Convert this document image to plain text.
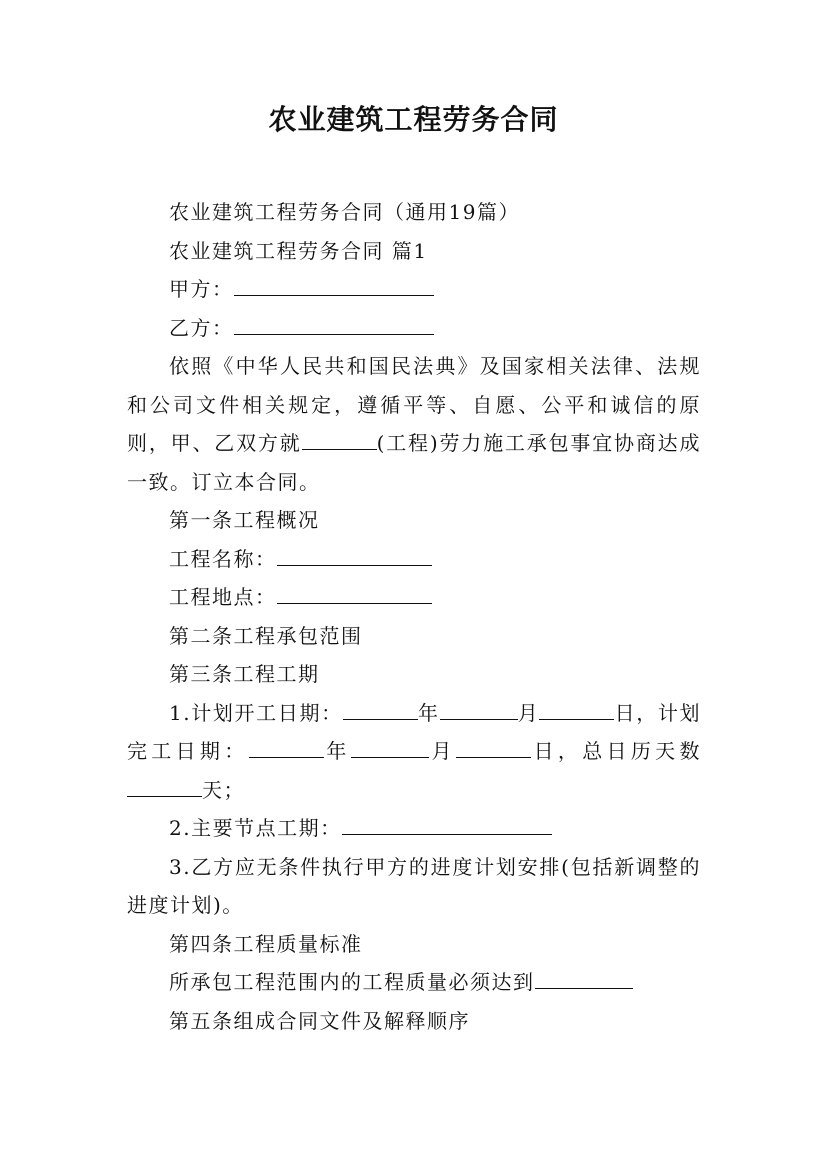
农业建筑工程劳务合同
农业建筑工程劳务合同（通用19篇）
农业建筑工程劳务合同 篇1
甲方：
乙方：
依照《中华人民共和国民法典》及国家相关法律、法规和公司文件相关规定，遵循平等、自愿、公平和诚信的原则，甲、乙双方就	(工程)劳力施工承包事宜协商达成一致。订立本合同。
第一条工程概况
工程名称：
工程地点：
第二条工程承包范围
第三条工程工期
1.计划开工日期：	年	月	日，计划完工日期：	年	月	日，总日历天数天；
2.主要节点工期：
3.乙方应无条件执行甲方的进度计划安排(包括新调整的进度计划)。
第四条工程质量标准
所承包工程范围内的工程质量必须达到
第五条组成合同文件及解释顺序
